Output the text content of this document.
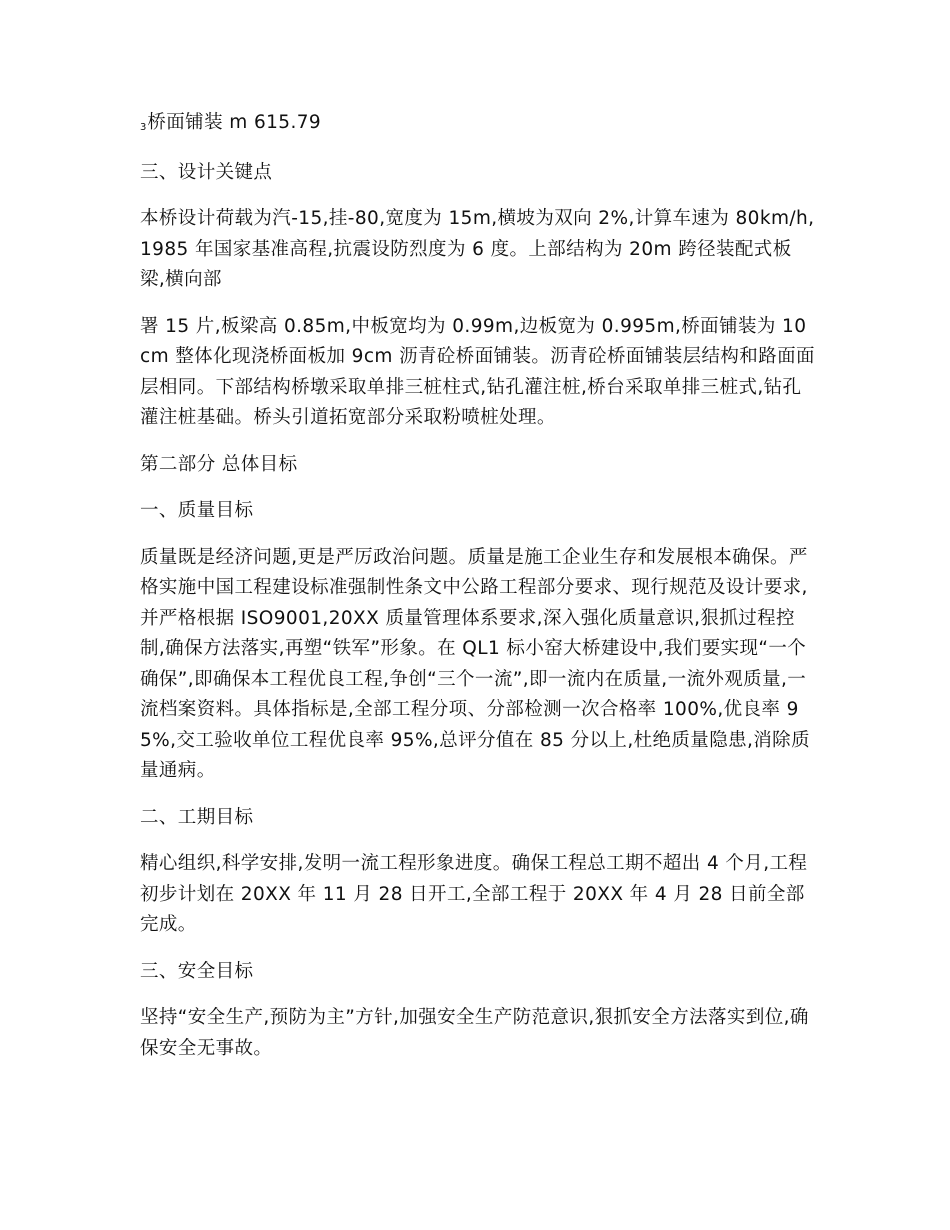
3桥面铺装 m 615.79

三、设计关键点

本桥设计荷载为汽-15,挂-80,宽度为 15m,横坡为双向 2%,计算车速为 80km/h,1985 年国家基准高程,抗震设防烈度为 6 度。上部结构为 20m 跨径装配式板梁,横向部

署 15 片,板梁高 0.85m,中板宽均为 0.99m,边板宽为 0.995m,桥面铺装为 10cm 整体化现浇桥面板加 9cm 沥青砼桥面铺装。沥青砼桥面铺装层结构和路面面层相同。下部结构桥墩采取单排三桩柱式,钻孔灌注桩,桥台采取单排三桩式,钻孔灌注桩基础。桥头引道拓宽部分采取粉喷桩处理。

第二部分 总体目标

一、质量目标

质量既是经济问题,更是严厉政治问题。质量是施工企业生存和发展根本确保。严格实施中国工程建设标准强制性条文中公路工程部分要求、现行规范及设计要求,并严格根据 ISO9001,20XX 质量管理体系要求,深入强化质量意识,狠抓过程控制,确保方法落实,再塑“铁军”形象。在 QL1 标小窑大桥建设中,我们要实现“一个确保”,即确保本工程优良工程,争创“三个一流”,即一流内在质量,一流外观质量,一流档案资料。具体指标是,全部工程分项、分部检测一次合格率 100%,优良率 95%,交工验收单位工程优良率 95%,总评分值在 85 分以上,杜绝质量隐患,消除质量通病。

二、工期目标

精心组织,科学安排,发明一流工程形象进度。确保工程总工期不超出 4 个月,工程初步计划在 20XX 年 11 月 28 日开工,全部工程于 20XX 年 4 月 28 日前全部完成。

三、安全目标

坚持“安全生产,预防为主”方针,加强安全生产防范意识,狠抓安全方法落实到位,确保安全无事故。
